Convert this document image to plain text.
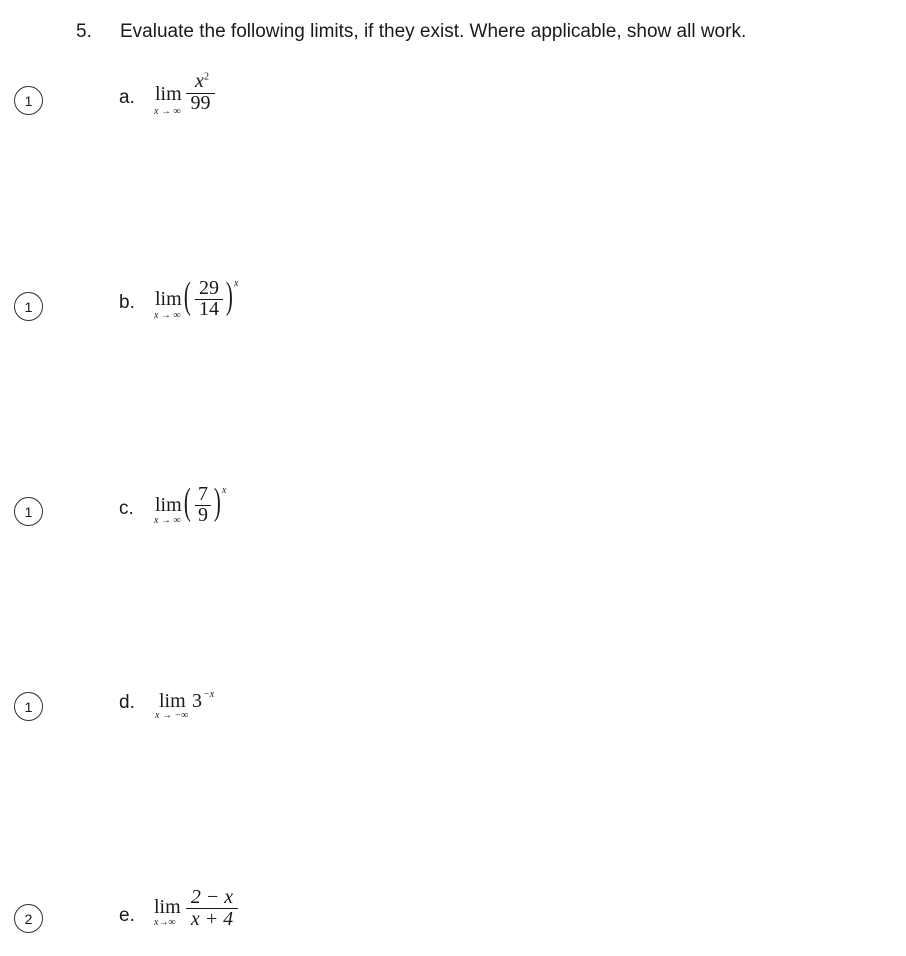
5. Evaluate the following limits, if they exist. Where applicable, show all work.
1	a. lim
x → ∞
$x^2$
99
1	b. lim
x → ∞ ( 29
14 ) x
1	c. lim
x → ∞ ( 7
9 ) x
1	d. lim
x → −∞
3 −x
2	e. lim
x→∞
2 − x
x + 4
